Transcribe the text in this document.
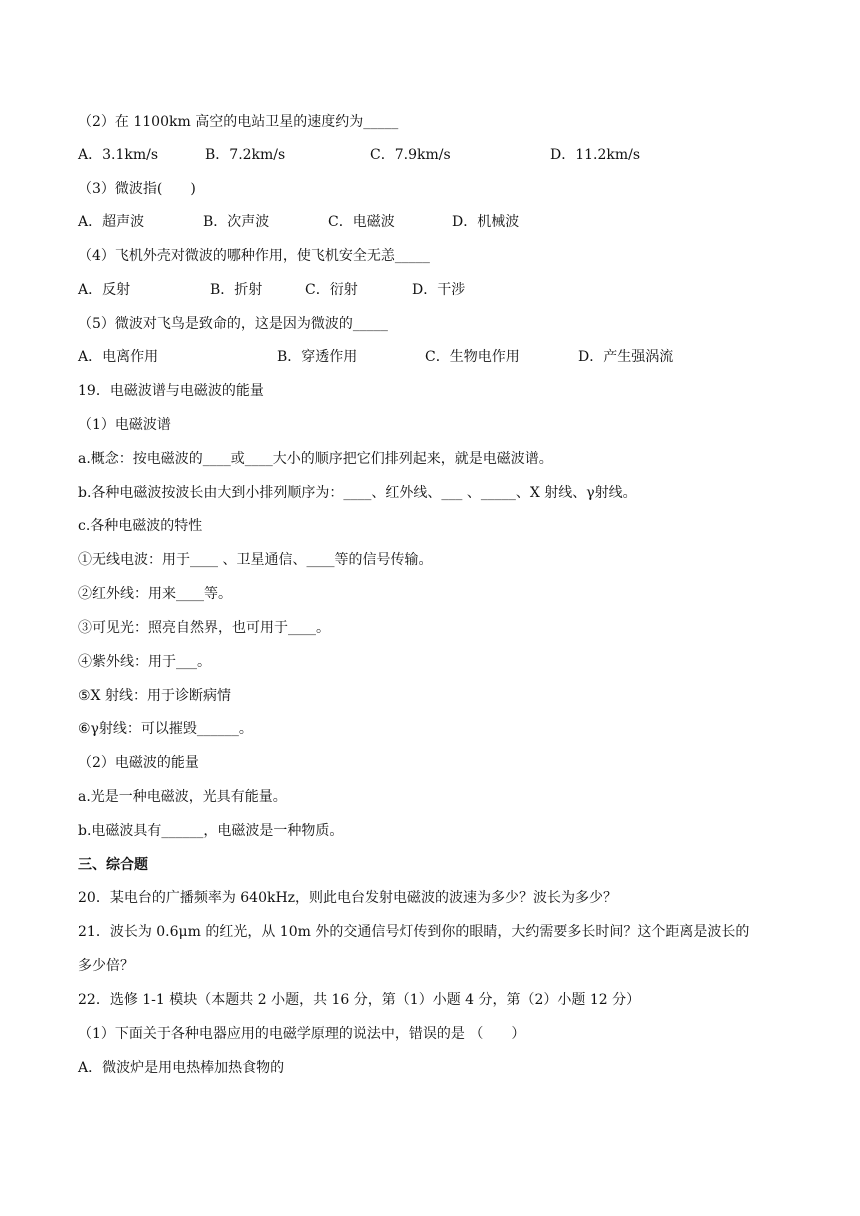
（2）在 1100km 高空的电站卫星的速度约为_____
A．3.1km/s	B．7.2km/s	C．7.9km/s	D．11.2km/s
（3）微波指(　　)
A．超声波	B．次声波	C．电磁波	D．机械波
（4）飞机外壳对微波的哪种作用，使飞机安全无恙_____
A．反射	B．折射	C．衍射	D．干涉
（5）微波对飞鸟是致命的，这是因为微波的_____
A．电离作用	B．穿透作用	C．生物电作用	D．产生强涡流
19．电磁波谱与电磁波的能量
（1）电磁波谱
a.概念：按电磁波的____或____大小的顺序把它们排列起来，就是电磁波谱。
b.各种电磁波按波长由大到小排列顺序为：____、红外线、___ 、_____、X 射线、γ射线。
c.各种电磁波的特性
①无线电波：用于____ 、卫星通信、____等的信号传输。
②红外线：用来____等。
③可见光：照亮自然界，也可用于____。
④紫外线：用于___。
⑤X 射线：用于诊断病情
⑥γ射线：可以摧毁______。
（2）电磁波的能量
a.光是一种电磁波，光具有能量。
b.电磁波具有______，电磁波是一种物质。
三、综合题
20．某电台的广播频率为 640kHz，则此电台发射电磁波的波速为多少？波长为多少？
21．波长为 0.6μm 的红光，从 10m 外的交通信号灯传到你的眼睛，大约需要多长时间？这个距离是波长的
多少倍？
22．选修 1-1 模块（本题共 2 小题，共 16 分，第（1）小题 4 分，第（2）小题 12 分）
（1）下面关于各种电器应用的电磁学原理的说法中，错误的是 （　　）
A．微波炉是用电热棒加热食物的
